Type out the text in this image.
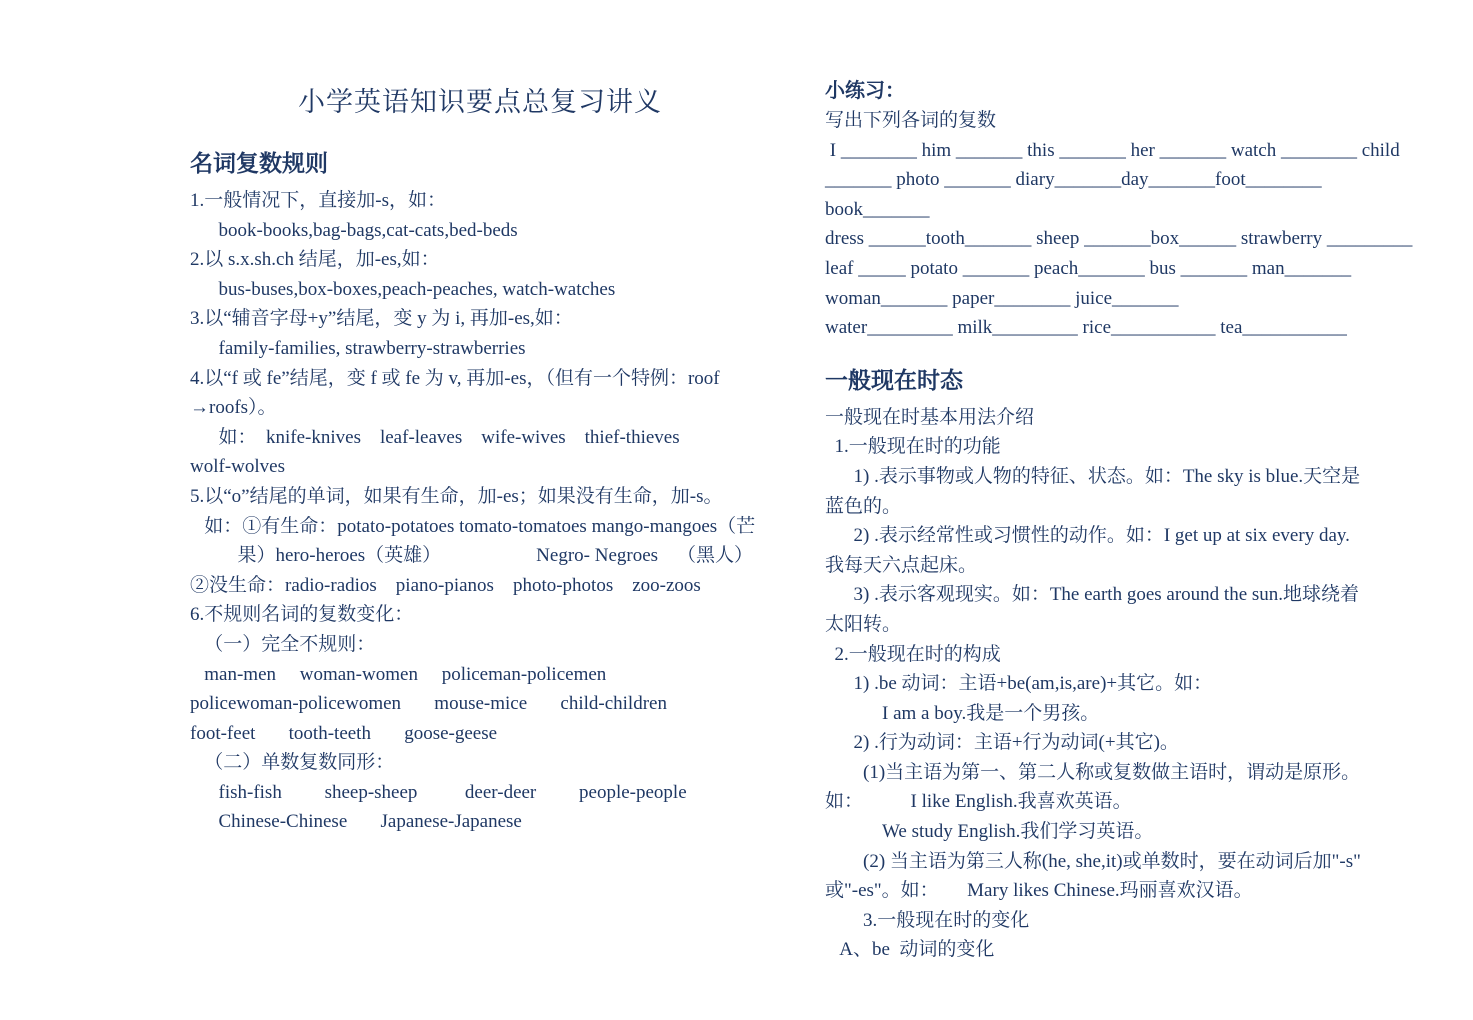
小学英语知识要点总复习讲义
名词复数规则

1.一般情况下，直接加-s，如：

book-books,bag-bags,cat-cats,bed-beds

2.以 s.x.sh.ch 结尾，加-es,如：

bus-buses,box-boxes,peach-peaches, watch-watches

3.以“辅音字母+y”结尾，变 y 为 i, 再加-es,如：

family-families, strawberry-strawberries

4.以“f 或 fe”结尾，变 f 或 fe 为 v, 再加-es，（但有一个特例：roof

→roofs）。

如：  knife-knives    leaf-leaves    wife-wives    thief-thieves

wolf-wolves

5.以“o”结尾的单词，如果有生命，加-es；如果没有生命，加-s。

如：①有生命：potato-potatoes tomato-tomatoes mango-mangoes（芒

果）hero-heroes（英雄）                    Negro- Negroes    （黑人）

②没生命：radio-radios    piano-pianos    photo-photos    zoo-zoos

6.不规则名词的复数变化：

（一）完全不规则：

man-men     woman-women     policeman-policemen

policewoman-policewomen       mouse-mice       child-children

foot-feet       tooth-teeth       goose-geese

（二）单数复数同形：

fish-fish         sheep-sheep          deer-deer         people-people

Chinese-Chinese       Japanese-Japanese

小练习：

写出下列各词的复数

I ________ him _______ this _______ her _______ watch ________ child

_______ photo _______ diary_______day_______foot________ book_______

dress ______tooth_______ sheep _______box______ strawberry _________

leaf _____ potato _______ peach_______ bus _______ man_______

woman_______ paper________ juice_______

water_________ milk_________ rice___________ tea___________

一般现在时态

一般现在时基本用法介绍

1.一般现在时的功能

1) .表示事物或人物的特征、状态。如：The sky is blue.天空是

蓝色的。

2) .表示经常性或习惯性的动作。如：I get up at six every day.

我每天六点起床。

3) .表示客观现实。如：The earth goes around the sun.地球绕着

太阳转。

2.一般现在时的构成

1) .be 动词：主语+be(am,is,are)+其它。如：

I am a boy.我是一个男孩。

2) .行为动词：主语+行为动词(+其它)。

(1)当主语为第一、第二人称或复数做主语时，谓动是原形。

如：          I like English.我喜欢英语。

We study English.我们学习英语。

(2) 当主语为第三人称(he, she,it)或单数时，要在动词后加"-s"

或"-es"。如：      Mary likes Chinese.玛丽喜欢汉语。

3.一般现在时的变化

A、be  动词的变化
